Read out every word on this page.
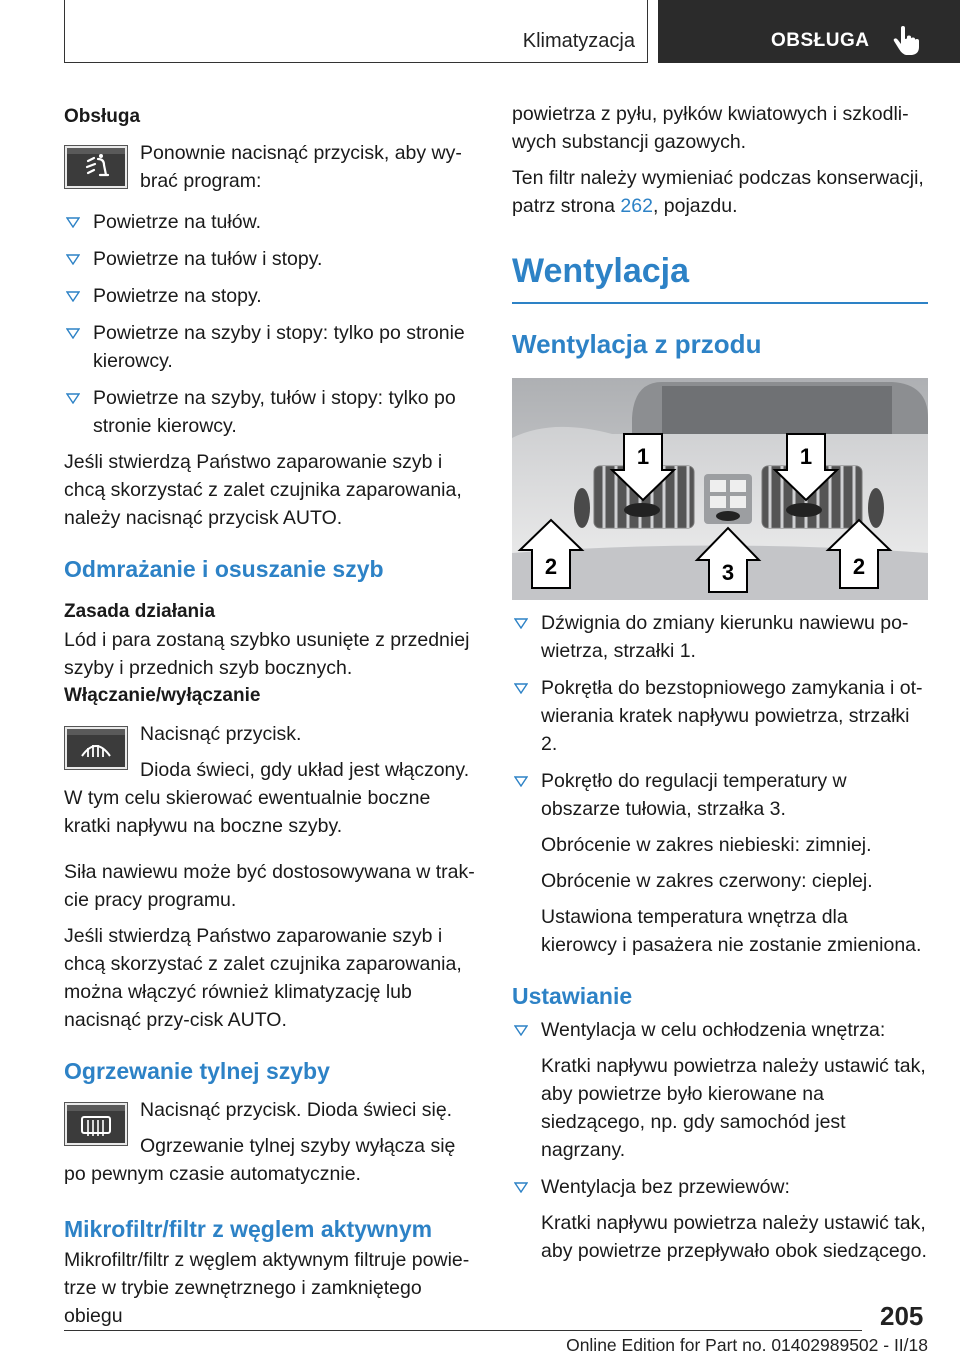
Klimatyzacja	OBSŁUGA

Obsługa

Ponownie nacisnąć przycisk, aby wy-brać program:

Powietrze na tułów.
Powietrze na tułów i stopy.
Powietrze na stopy.
Powietrze na szyby i stopy: tylko po stronie kierowcy.
Powietrze na szyby, tułów i stopy: tylko po stronie kierowcy.

Jeśli stwierdzą Państwo zaparowanie szyb i chcą skorzystać z zalet czujnika zaparowania, należy nacisnąć przycisk AUTO.

Odmrażanie i osuszanie szyb

Zasada działania

Lód i para zostaną szybko usunięte z przedniej szyby i przednich szyb bocznych.

Włączanie/wyłączanie

Nacisnąć przycisk.

Dioda świeci, gdy układ jest włączony.

W tym celu skierować ewentualnie boczne kratki napływu na boczne szyby.

Siła nawiewu może być dostosowywana w trak-cie pracy programu.

Jeśli stwierdzą Państwo zaparowanie szyb i chcą skorzystać z zalet czujnika zaparowania, można włączyć również klimatyzację lub nacisnąć przy-cisk AUTO.

Ogrzewanie tylnej szyby

Nacisnąć przycisk. Dioda świeci się.

Ogrzewanie tylnej szyby wyłącza się po pewnym czasie automatycznie.

Mikrofiltr/filtr z węglem aktywnym

Mikrofiltr/filtr z węglem aktywnym filtruje powie-trze w trybie zewnętrznego i zamkniętego obiegu

powietrza z pyłu, pyłków kwiatowych i szkodli-wych substancji gazowych.

Ten filtr należy wymieniać podczas konserwacji, patrz strona 262, pojazdu.

Wentylacja

Wentylacja z przodu

1	1
2	3	2
Dźwignia do zmiany kierunku nawiewu po-wietrza, strzałki 1.
Pokrętła do bezstopniowego zamykania i ot-wierania kratek napływu powietrza, strzałki 2.
Pokrętło do regulacji temperatury w obszarze tułowia, strzałka 3.

Obrócenie w zakres niebieski: zimniej.

Obrócenie w zakres czerwony: cieplej.

Ustawiona temperatura wnętrza dla kierowcy i pasażera nie zostanie zmieniona.

Ustawianie

Wentylacja w celu ochłodzenia wnętrza:

Kratki napływu powietrza należy ustawić tak, aby powietrze było kierowane na siedzącego, np. gdy samochód jest nagrzany.

Wentylacja bez przewiewów:

Kratki napływu powietrza należy ustawić tak, aby powietrze przepływało obok siedzącego.

205
Online Edition for Part no. 01402989502 - II/18
